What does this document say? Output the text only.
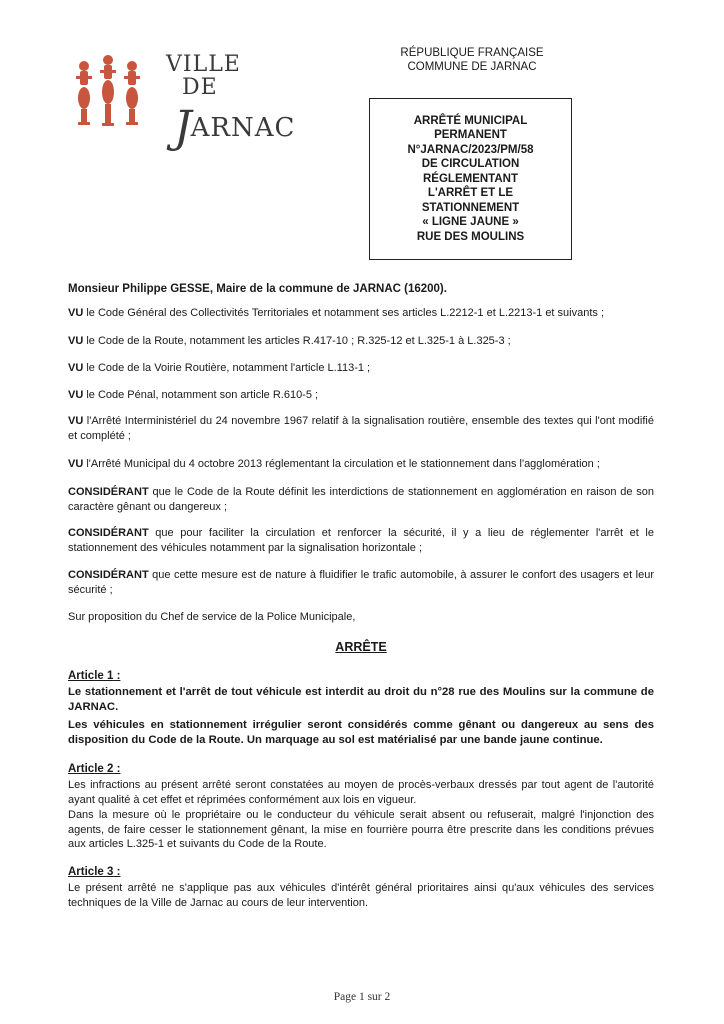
VILLE
DE
JARNAC
RÉPUBLIQUE FRANÇAISE
COMMUNE DE JARNAC
ARRÊTÉ MUNICIPAL
PERMANENT
N°JARNAC/2023/PM/58
DE CIRCULATION
RÉGLEMENTANT
L'ARRÊT ET LE
STATIONNEMENT
« LIGNE JAUNE »
RUE DES MOULINS
Monsieur Philippe GESSE, Maire de la commune de JARNAC (16200).
VU le Code Général des Collectivités Territoriales et notamment ses articles L.2212-1 et L.2213-1 et suivants ;
VU le Code de la Route, notamment les articles R.417-10 ; R.325-12 et L.325-1 à L.325-3 ;
VU le Code de la Voirie Routière, notamment l'article L.113-1 ;
VU le Code Pénal, notamment son article R.610-5 ;
VU l'Arrêté Interministériel du 24 novembre 1967 relatif à la signalisation routière, ensemble des textes qui l'ont modifié et complété ;
VU l'Arrêté Municipal du 4 octobre 2013 réglementant la circulation et le stationnement dans l'agglomération ;
CONSIDÉRANT que le Code de la Route définit les interdictions de stationnement en agglomération en raison de son caractère gênant ou dangereux ;
CONSIDÉRANT que pour faciliter la circulation et renforcer la sécurité, il y a lieu de réglementer l'arrêt et le stationnement des véhicules notamment par la signalisation horizontale ;
CONSIDÉRANT que cette mesure est de nature à fluidifier le trafic automobile, à assurer le confort des usagers et leur sécurité ;
Sur proposition du Chef de service de la Police Municipale,
ARRÊTE
Article 1 :
Le stationnement et l'arrêt de tout véhicule est interdit au droit du n°28 rue des Moulins sur la commune de JARNAC.
Les véhicules en stationnement irrégulier seront considérés comme gênant ou dangereux au sens des disposition du Code de la Route. Un marquage au sol est matérialisé par une bande jaune continue.
Article 2 :
Les infractions au présent arrêté seront constatées au moyen de procès-verbaux dressés par tout agent de l'autorité ayant qualité à cet effet et réprimées conformément aux lois en vigueur.
Dans la mesure où le propriétaire ou le conducteur du véhicule serait absent ou refuserait, malgré l'injonction des agents, de faire cesser le stationnement gênant, la mise en fourrière pourra être prescrite dans les conditions prévues aux articles L.325-1 et suivants du Code de la Route.
Article 3 :
Le présent arrêté ne s'applique pas aux véhicules d'intérêt général prioritaires ainsi qu'aux véhicules des services techniques de la Ville de Jarnac au cours de leur intervention.
Page 1 sur 2
